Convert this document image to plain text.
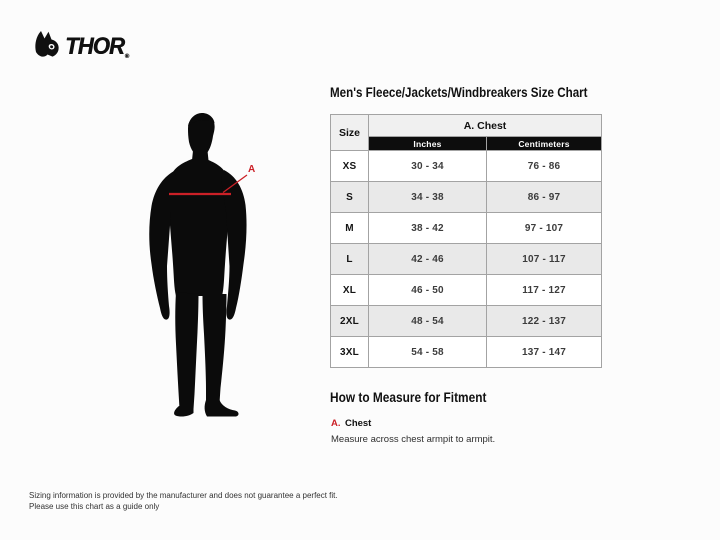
THOR®
A
Men's Fleece/Jackets/Windbreakers Size Chart
Size	A. Chest	
	Inches	Centimeters
XS	30 - 34	76 - 86
S	34 - 38	86 - 97
M	38 - 42	97 - 107
L	42 - 46	107 - 117
XL	46 - 50	117 - 127
2XL	48 - 54	122 - 137
3XL	54 - 58	137 - 147
How to Measure for Fitment
A. Chest
Measure across chest armpit to armpit.
Sizing information is provided by the manufacturer and does not guarantee a perfect fit.
Please use this chart as a guide only
